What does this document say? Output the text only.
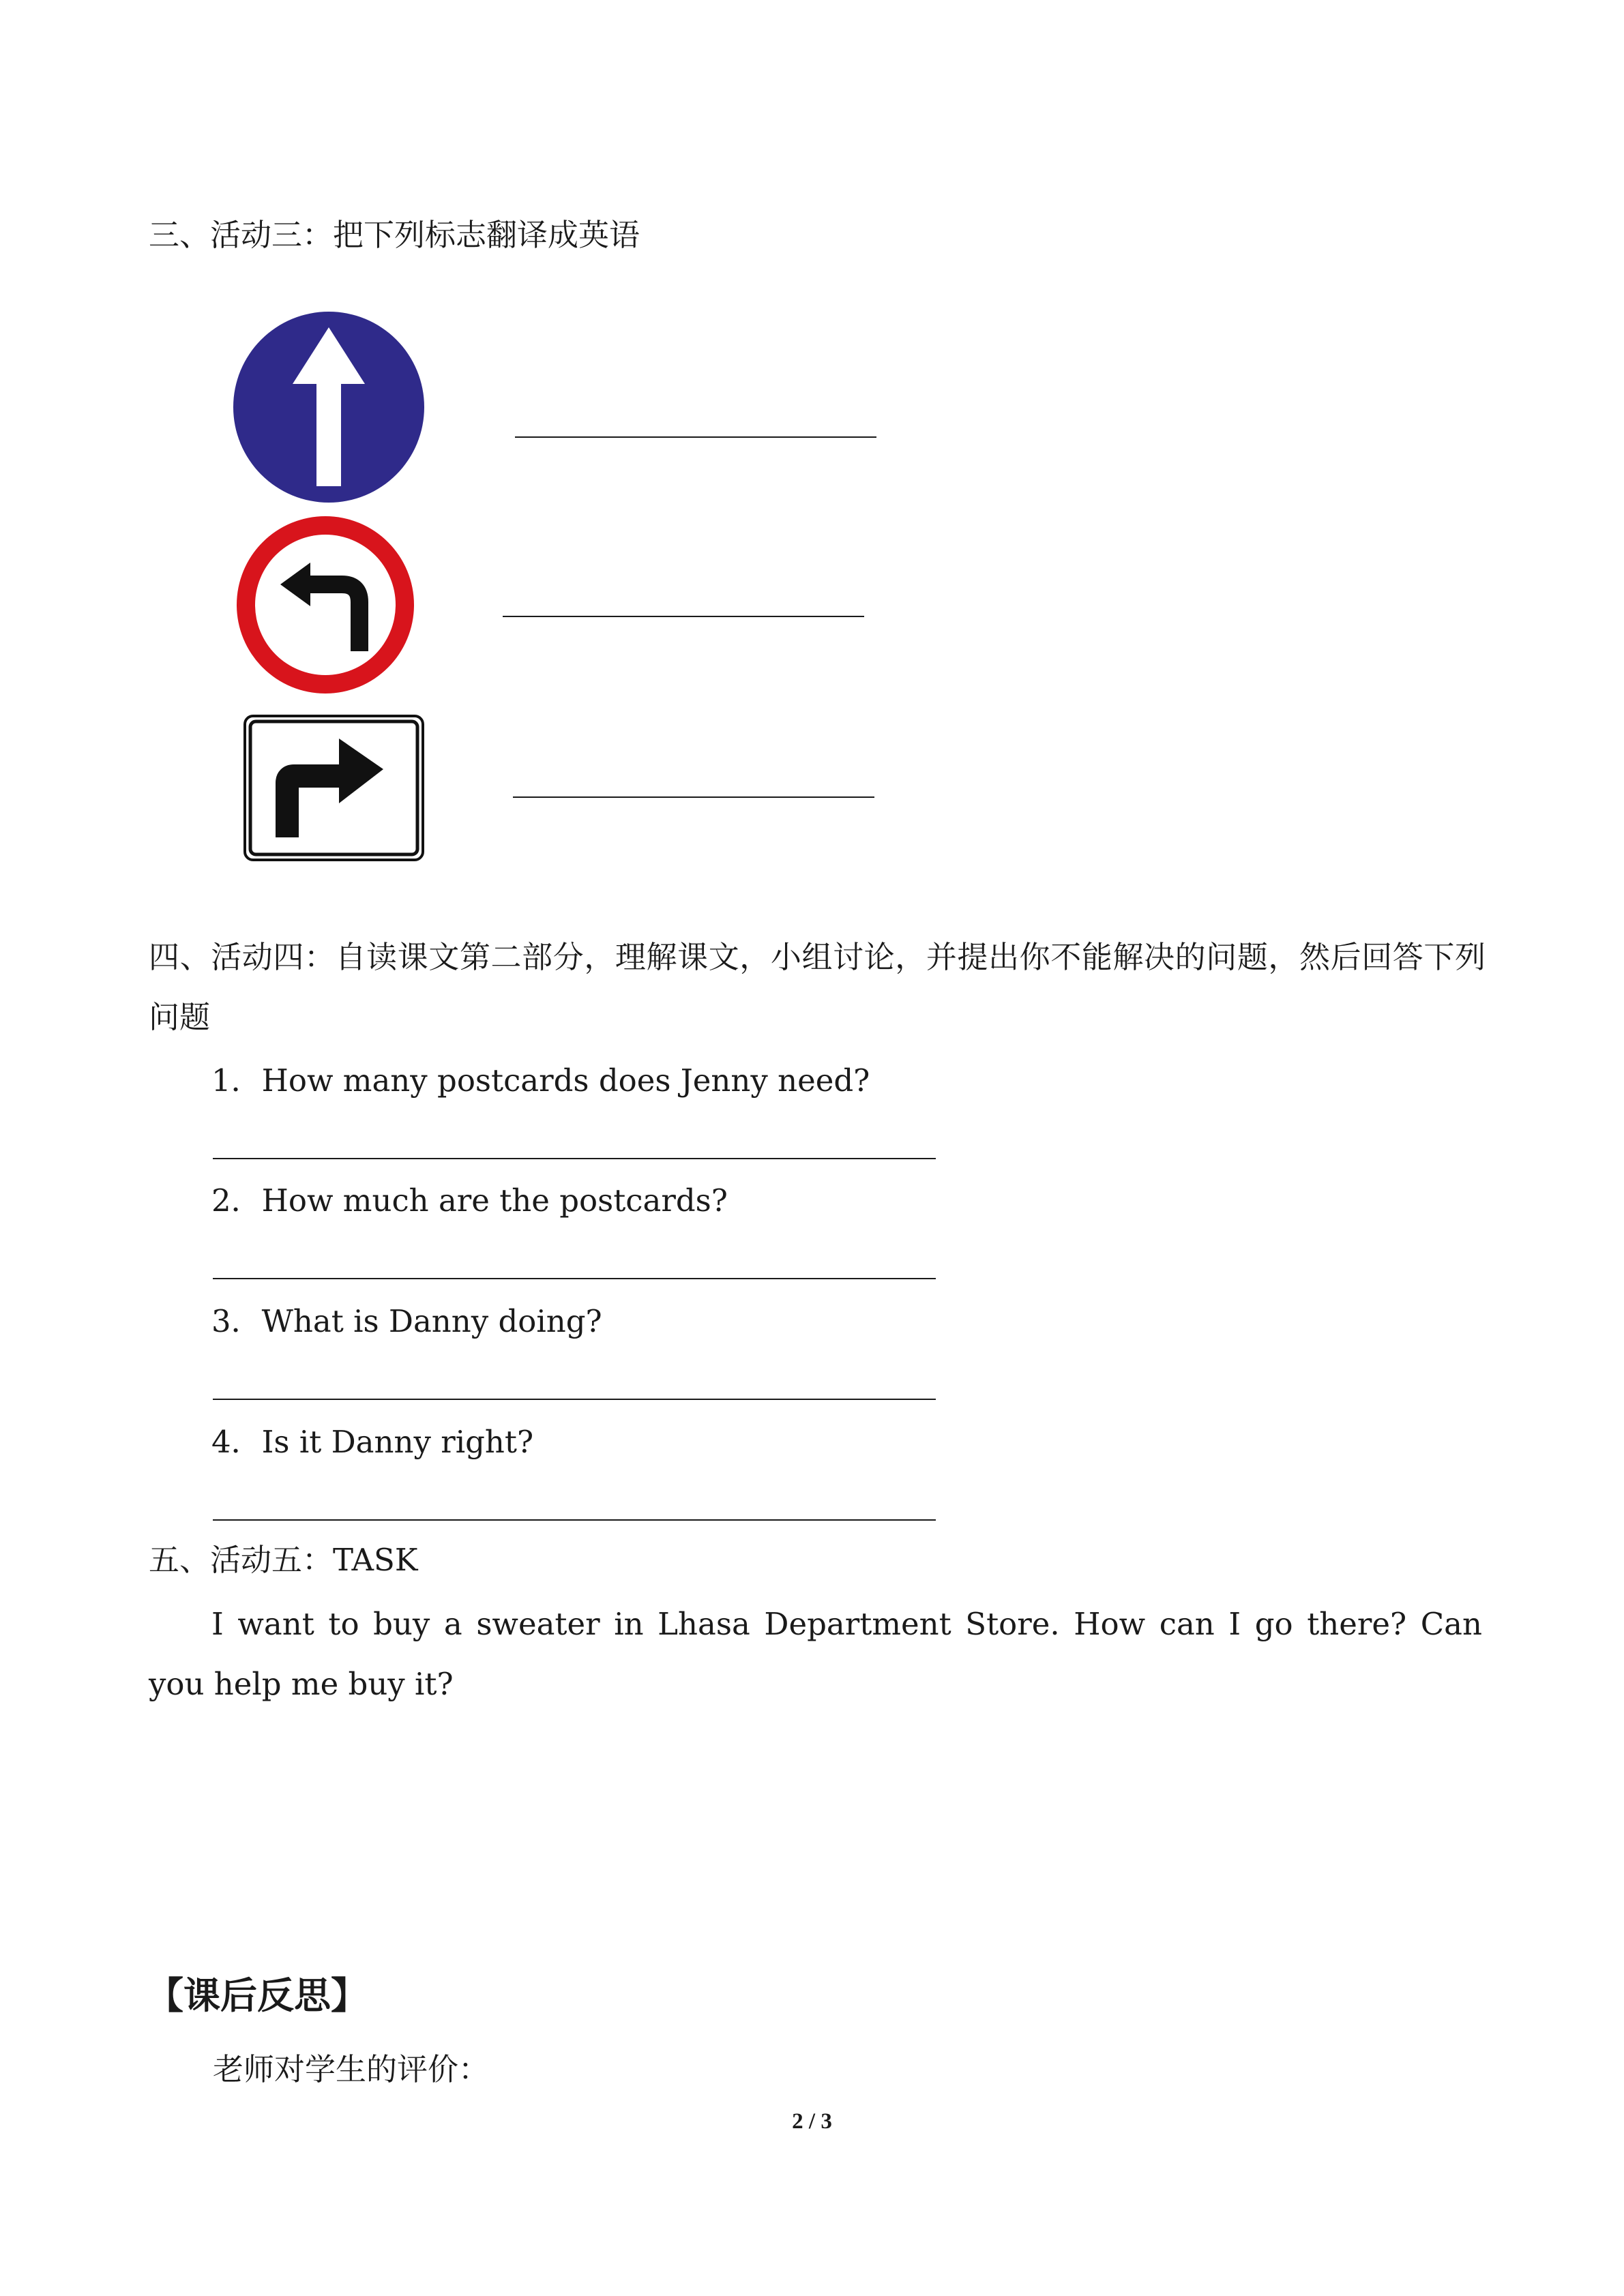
三、活动三：把下列标志翻译成英语
四、活动四：自读课文第二部分，理解课文，小组讨论，并提出你不能解决的问题，然后回答下列问题
1．How many postcards does Jenny need?
2．How much are the postcards?
3．What is Danny doing?
4．Is it Danny right?
五、活动五：TASK
I want to buy a sweater in Lhasa Department Store. How can I go there? Can you help me buy it?
【课后反思】
老师对学生的评价：
2 / 3
